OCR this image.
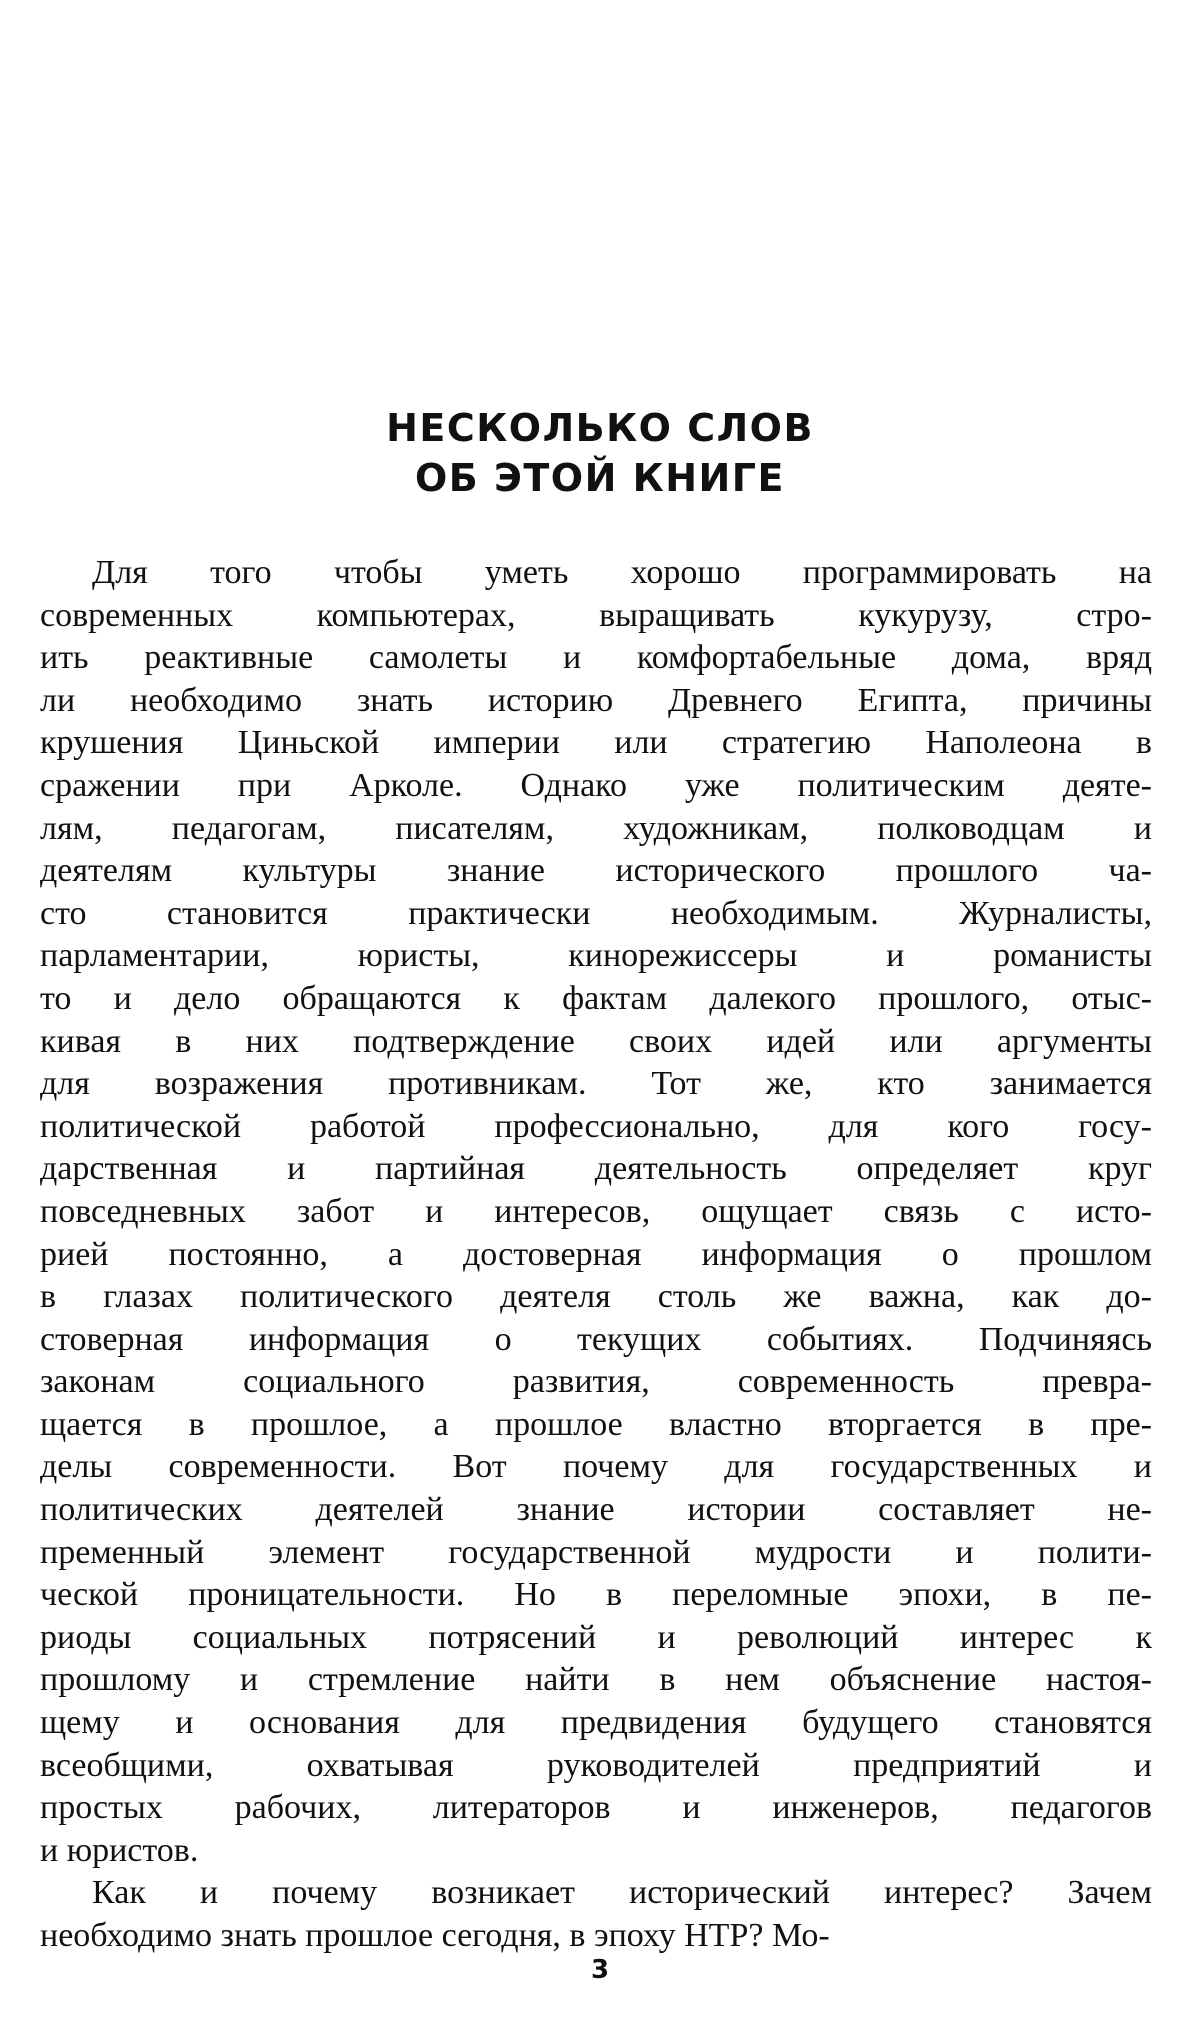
НЕСКОЛЬКО СЛОВ
ОБ ЭТОЙ КНИГЕ
Для того чтобы уметь хорошо программировать на
современных компьютерах, выращивать кукурузу, стро-
ить реактивные самолеты и комфортабельные дома, вряд
ли необходимо знать историю Древнего Египта, причины
крушения Циньской империи или стратегию Наполеона в
сражении при Арколе. Однако уже политическим деяте-
лям, педагогам, писателям, художникам, полководцам и
деятелям культуры знание исторического прошлого ча-
сто становится практически необходимым. Журналисты,
парламентарии, юристы, кинорежиссеры и романисты
то и дело обращаются к фактам далекого прошлого, отыс-
кивая в них подтверждение своих идей или аргументы
для возражения противникам. Тот же, кто занимается
политической работой профессионально, для кого госу-
дарственная и партийная деятельность определяет круг
повседневных забот и интересов, ощущает связь с исто-
рией постоянно, а достоверная информация о прошлом
в глазах политического деятеля столь же важна, как до-
стоверная информация о текущих событиях. Подчиняясь
законам социального развития, современность превра-
щается в прошлое, а прошлое властно вторгается в пре-
делы современности. Вот почему для государственных и
политических деятелей знание истории составляет не-
пременный элемент государственной мудрости и полити-
ческой проницательности. Но в переломные эпохи, в пе-
риоды социальных потрясений и революций интерес к
прошлому и стремление найти в нем объяснение настоя-
щему и основания для предвидения будущего становятся
всеобщими, охватывая руководителей предприятий и
простых рабочих, литераторов и инженеров, педагогов
и юристов.
Как и почему возникает исторический интерес? Зачем
необходимо знать прошлое сегодня, в эпоху НТР? Мо-
3
